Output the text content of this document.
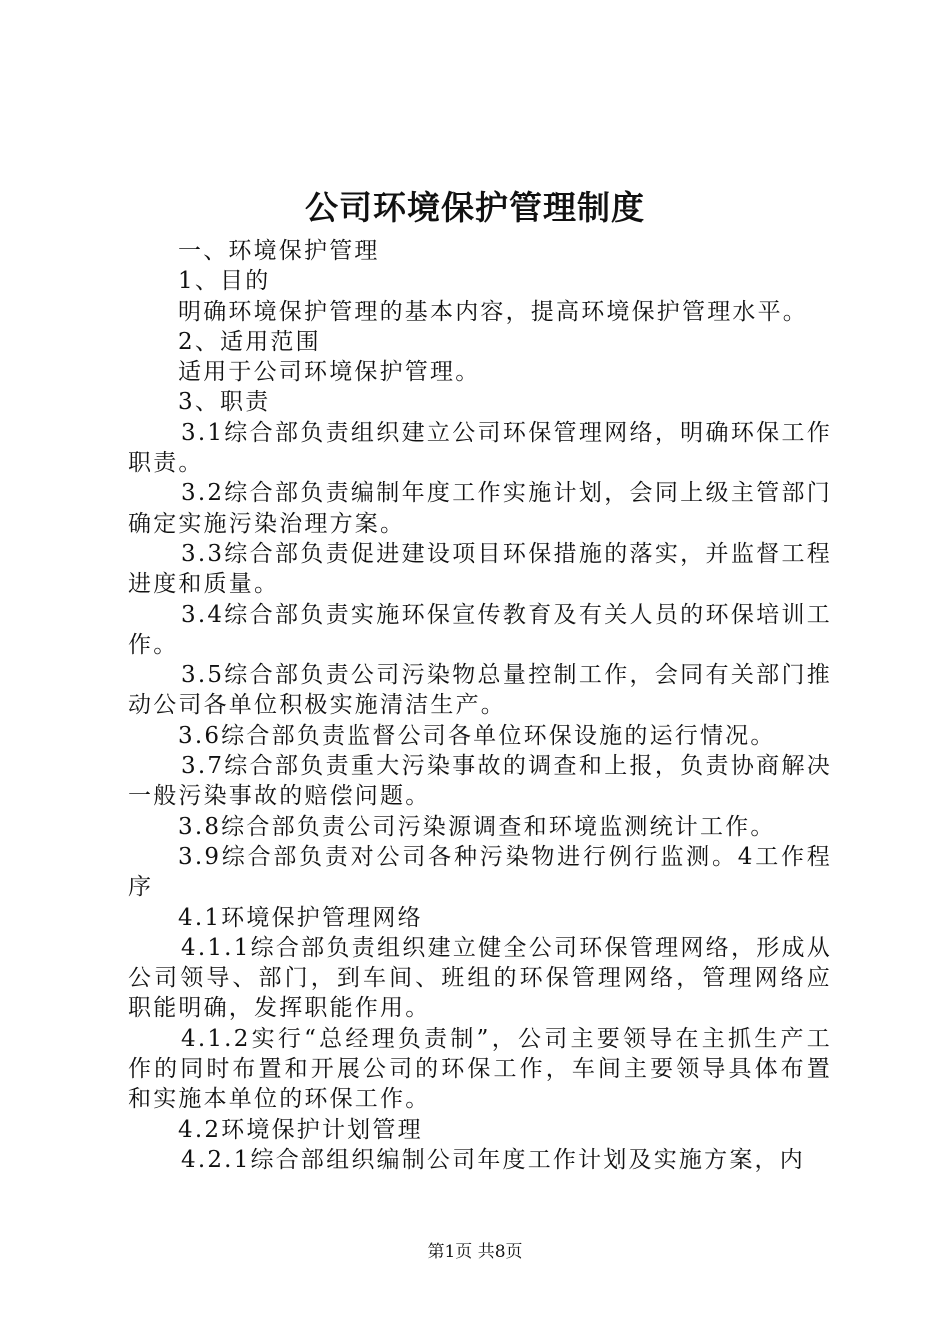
公司环境保护管理制度

一、环境保护管理

1、目的

明确环境保护管理的基本内容，提高环境保护管理水平。

2、适用范围

适用于公司环境保护管理。

3、职责

3.1综合部负责组织建立公司环保管理网络，明确环保工作职责。

3.2综合部负责编制年度工作实施计划，会同上级主管部门确定实施污染治理方案。

3.3综合部负责促进建设项目环保措施的落实，并监督工程进度和质量。

3.4综合部负责实施环保宣传教育及有关人员的环保培训工作。

3.5综合部负责公司污染物总量控制工作，会同有关部门推动公司各单位积极实施清洁生产。

3.6综合部负责监督公司各单位环保设施的运行情况。

3.7综合部负责重大污染事故的调查和上报，负责协商解决一般污染事故的赔偿问题。

3.8综合部负责公司污染源调查和环境监测统计工作。

3.9综合部负责对公司各种污染物进行例行监测。4工作程序

4.1环境保护管理网络

4.1.1综合部负责组织建立健全公司环保管理网络，形成从公司领导、部门，到车间、班组的环保管理网络，管理网络应职能明确，发挥职能作用。

4.1.2实行“总经理负责制”，公司主要领导在主抓生产工作的同时布置和开展公司的环保工作，车间主要领导具体布置和实施本单位的环保工作。

4.2环境保护计划管理

4.2.1综合部组织编制公司年度工作计划及实施方案，内

第1页 共8页
